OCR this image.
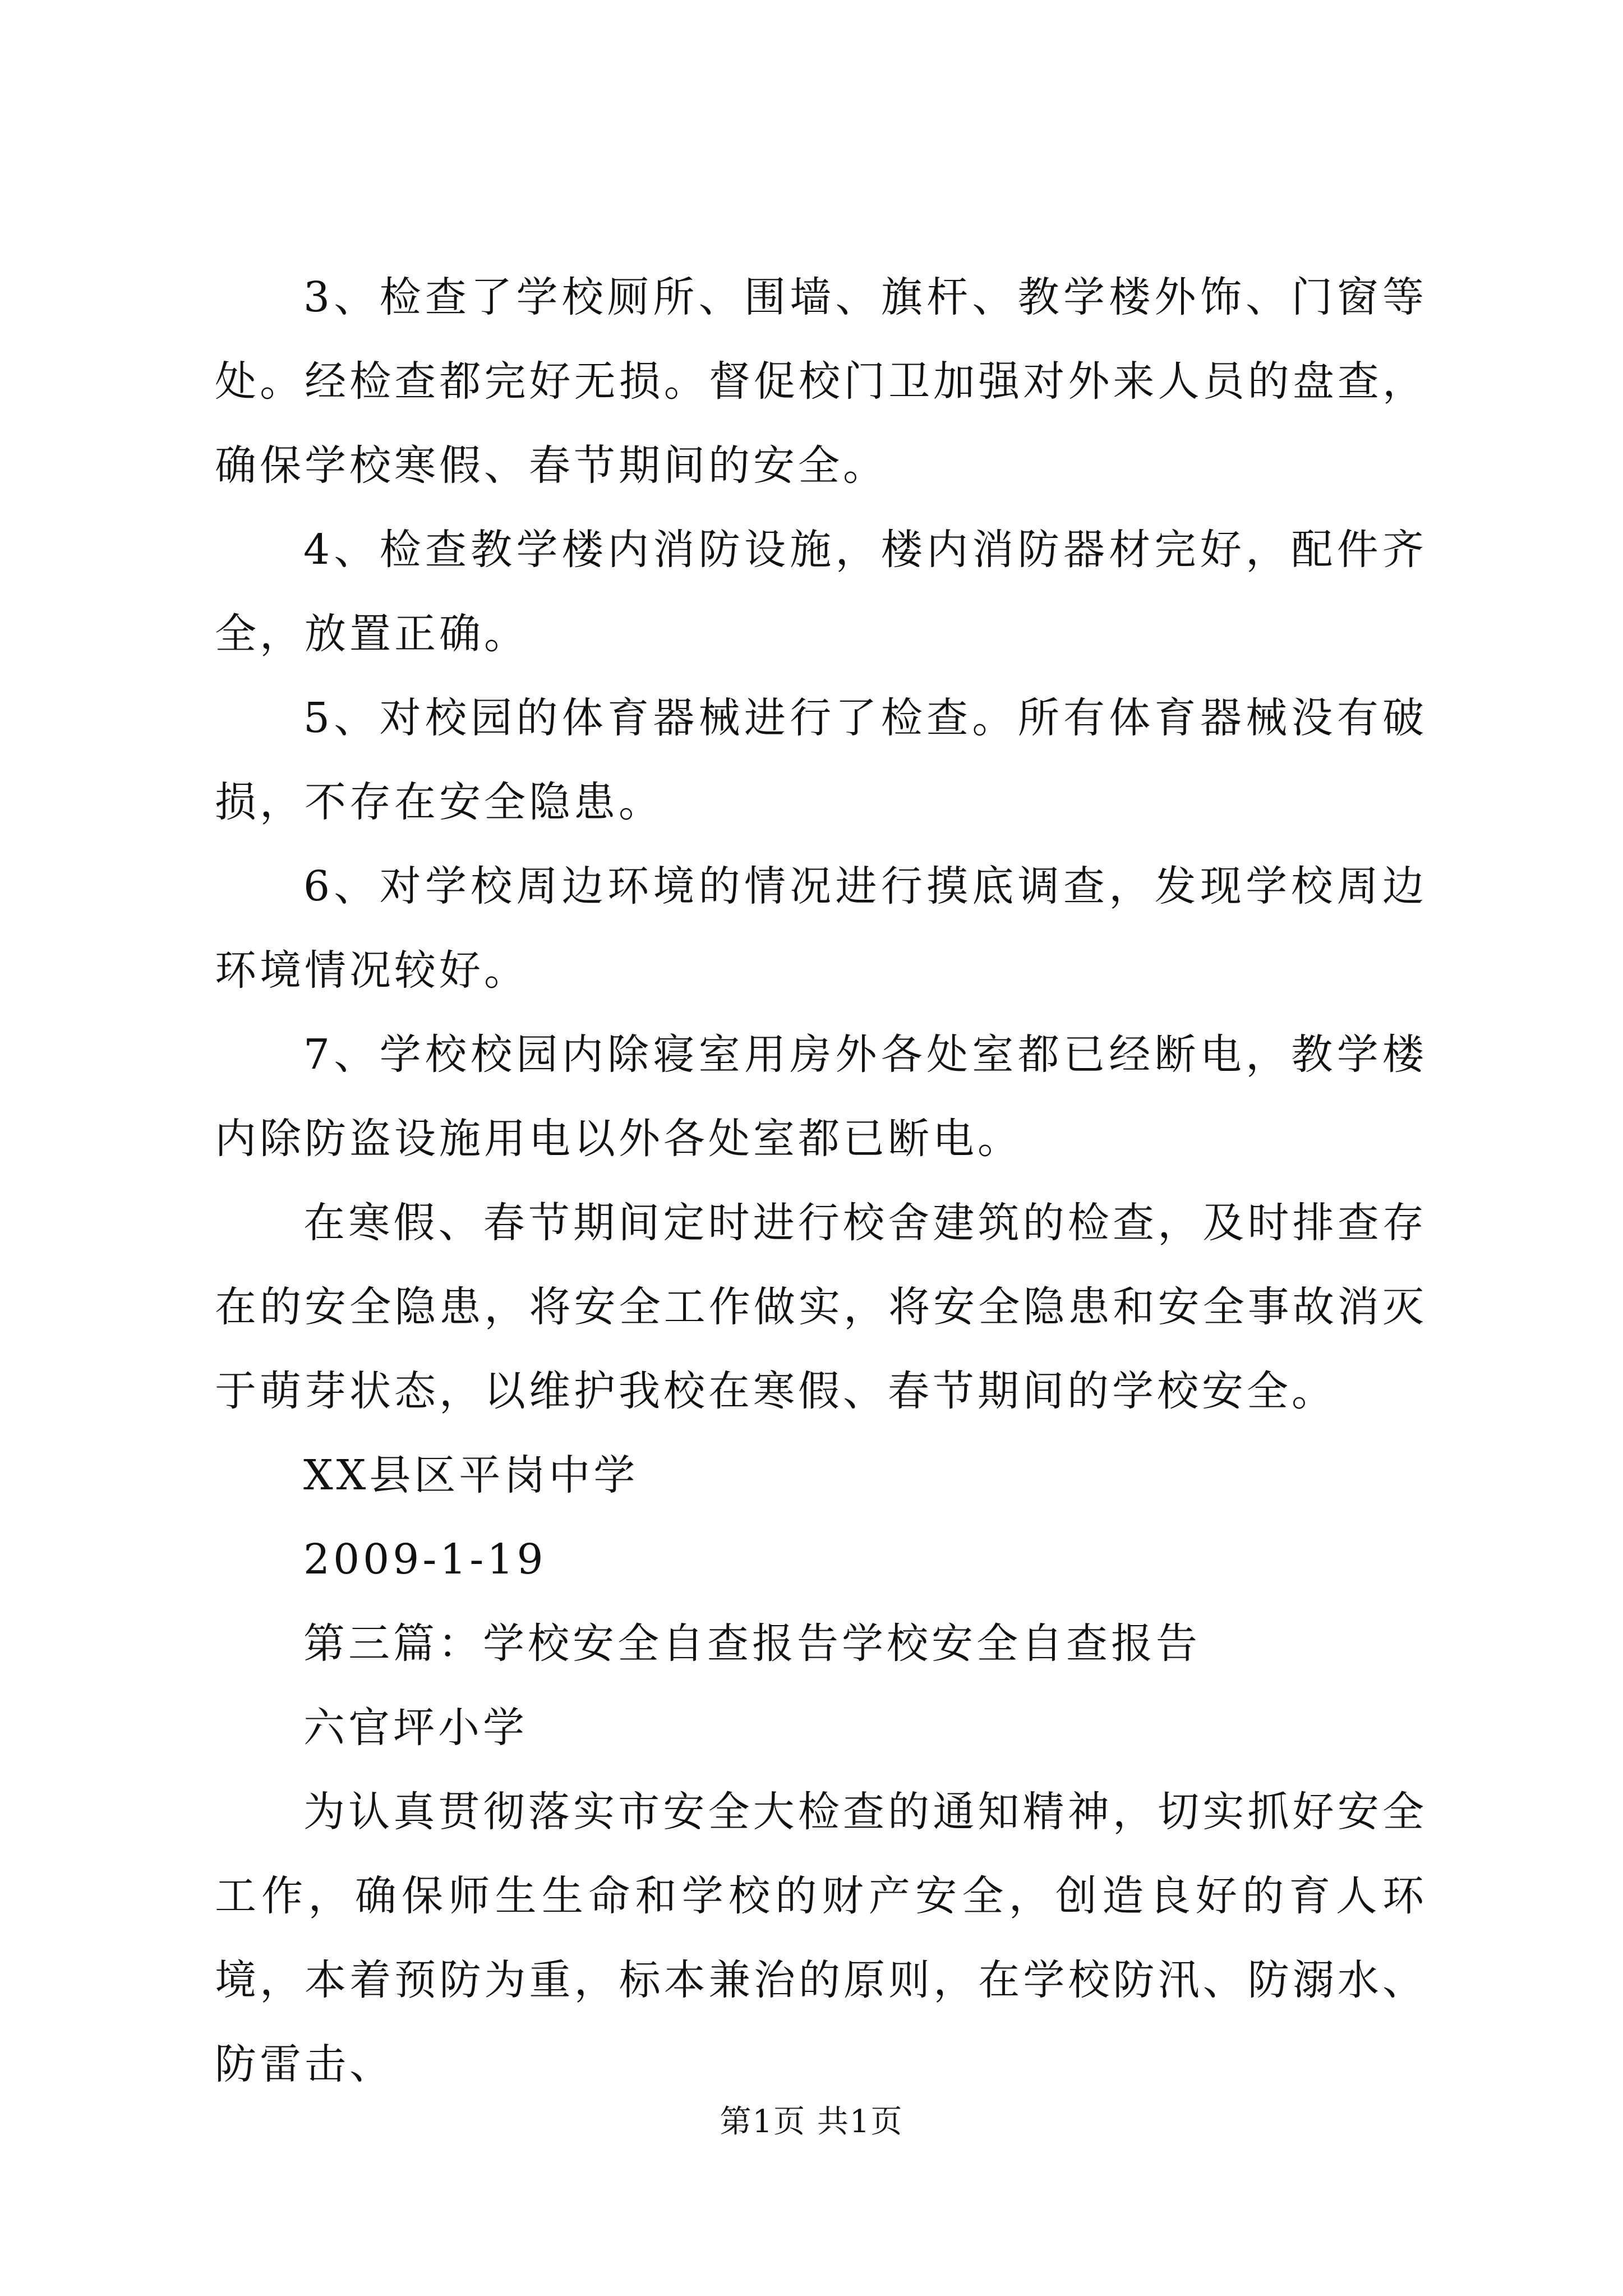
3、检查了学校厕所、围墙、旗杆、教学楼外饰、门窗等处。经检查都完好无损。督促校门卫加强对外来人员的盘查，确保学校寒假、春节期间的安全。

4、检查教学楼内消防设施，楼内消防器材完好，配件齐全，放置正确。

5、对校园的体育器械进行了检查。所有体育器械没有破损，不存在安全隐患。

6、对学校周边环境的情况进行摸底调查，发现学校周边环境情况较好。

7、学校校园内除寝室用房外各处室都已经断电，教学楼内除防盗设施用电以外各处室都已断电。

在寒假、春节期间定时进行校舍建筑的检查，及时排查存在的安全隐患，将安全工作做实，将安全隐患和安全事故消灭于萌芽状态，以维护我校在寒假、春节期间的学校安全。

XX县区平岗中学

2009-1-19

第三篇：学校安全自查报告学校安全自查报告

六官坪小学

为认真贯彻落实市安全大检查的通知精神，切实抓好安全工作，确保师生生命和学校的财产安全，创造良好的育人环境，本着预防为重，标本兼治的原则，在学校防汛、防溺水、防雷击、

第1页 共1页
